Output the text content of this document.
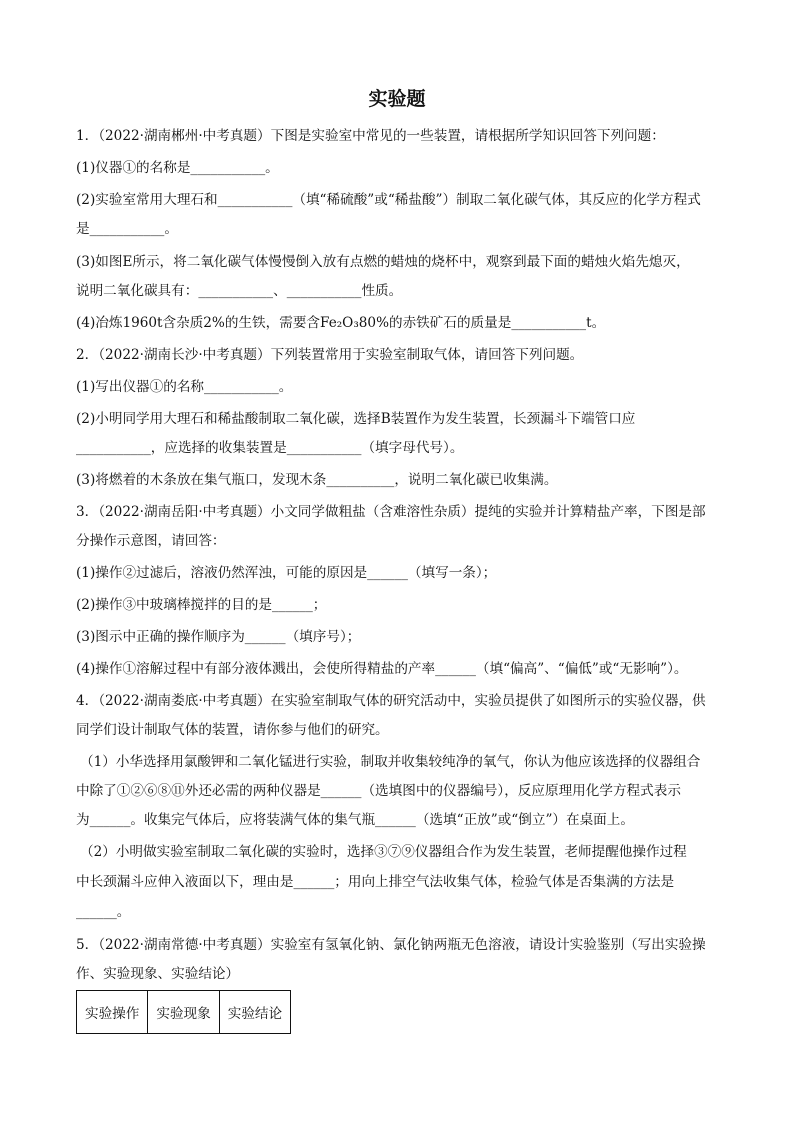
实验题
1．（2022·湖南郴州·中考真题）下图是实验室中常见的一些装置，请根据所学知识回答下列问题：
(1)仪器①的名称是___________。
(2)实验室常用大理石和___________（填“稀硫酸”或“稀盐酸”）制取二氧化碳气体，其反应的化学方程式
是___________。
(3)如图E所示，将二氧化碳气体慢慢倒入放有点燃的蜡烛的烧杯中，观察到最下面的蜡烛火焰先熄灭，
说明二氧化碳具有：___________、___________性质。
(4)冶炼1960t含杂质2%的生铁，需要含Fe₂O₃80%的赤铁矿石的质量是___________t。
2．（2022·湖南长沙·中考真题）下列装置常用于实验室制取气体，请回答下列问题。
(1)写出仪器①的名称___________。
(2)小明同学用大理石和稀盐酸制取二氧化碳，选择B装置作为发生装置，长颈漏斗下端管口应
___________，应选择的收集装置是___________（填字母代号）。
(3)将燃着的木条放在集气瓶口，发现木条__________，说明二氧化碳已收集满。
3．（2022·湖南岳阳·中考真题）小文同学做粗盐（含难溶性杂质）提纯的实验并计算精盐产率，下图是部
分操作示意图，请回答：
(1)操作②过滤后，溶液仍然浑浊，可能的原因是______（填写一条）；
(2)操作③中玻璃棒搅拌的目的是______；
(3)图示中正确的操作顺序为______（填序号）；
(4)操作①溶解过程中有部分液体溅出，会使所得精盐的产率______（填“偏高”、“偏低”或“无影响”）。
4．（2022·湖南娄底·中考真题）在实验室制取气体的研究活动中，实验员提供了如图所示的实验仪器，供
同学们设计制取气体的装置，请你参与他们的研究。
（1）小华选择用氯酸钾和二氧化锰进行实验，制取并收集较纯净的氧气，你认为他应该选择的仪器组合
中除了①②⑥⑧⑪外还必需的两种仪器是______（选填图中的仪器编号），反应原理用化学方程式表示
为______。收集完气体后，应将装满气体的集气瓶______（选填“正放”或“倒立”）在桌面上。
（2）小明做实验室制取二氧化碳的实验时，选择③⑦⑨仪器组合作为发生装置，老师提醒他操作过程
中长颈漏斗应伸入液面以下，理由是______；用向上排空气法收集气体，检验气体是否集满的方法是
______。
5．（2022·湖南常德·中考真题）实验室有氢氧化钠、氯化钠两瓶无色溶液，请设计实验鉴别（写出实验操
作、实验现象、实验结论）
实验操作	实验现象	实验结论
